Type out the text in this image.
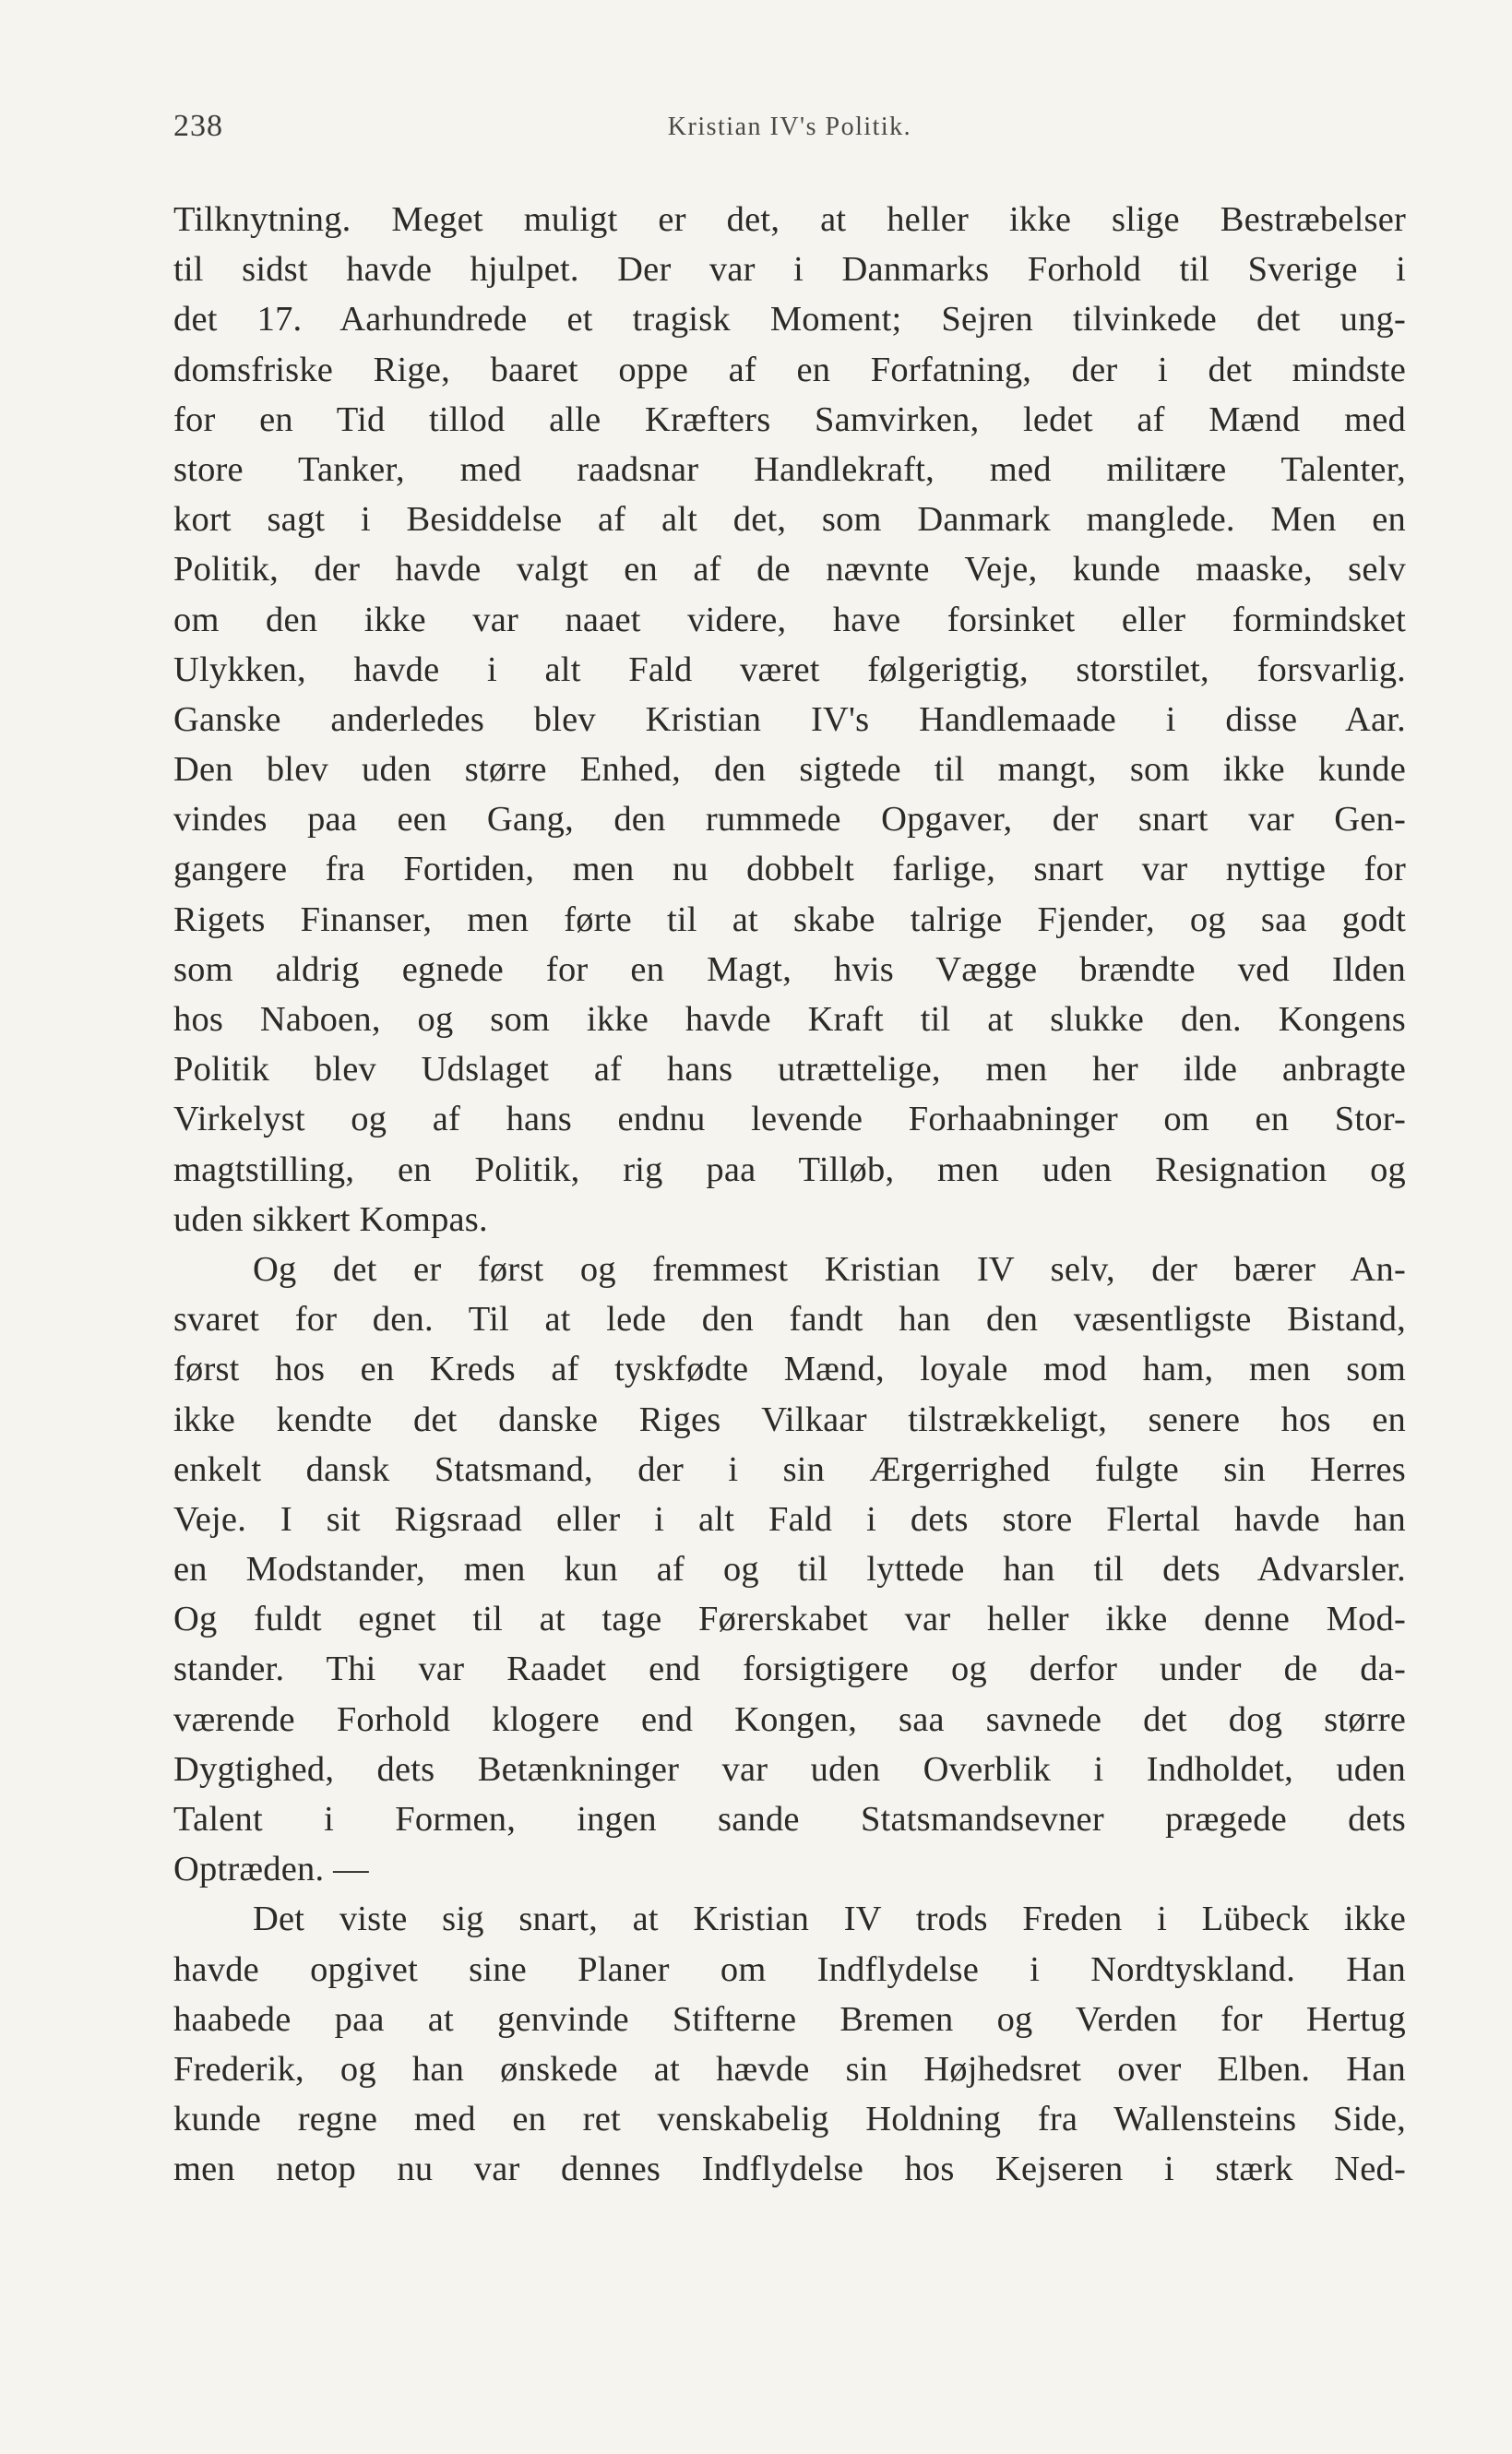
238	Kristian IV's Politik.
Tilknytning. Meget muligt er det, at heller ikke slige Bestræbelser
til sidst havde hjulpet. Der var i Danmarks Forhold til Sverige i
det 17. Aarhundrede et tragisk Moment; Sejren tilvinkede det ung-
domsfriske Rige, baaret oppe af en Forfatning, der i det mindste
for en Tid tillod alle Kræfters Samvirken, ledet af Mænd med
store Tanker, med raadsnar Handlekraft, med militære Talenter,
kort sagt i Besiddelse af alt det, som Danmark manglede. Men en
Politik, der havde valgt en af de nævnte Veje, kunde maaske, selv
om den ikke var naaet videre, have forsinket eller formindsket
Ulykken, havde i alt Fald været følgerigtig, storstilet, forsvarlig.
Ganske anderledes blev Kristian IV's Handlemaade i disse Aar.
Den blev uden større Enhed, den sigtede til mangt, som ikke kunde
vindes paa een Gang, den rummede Opgaver, der snart var Gen-
gangere fra Fortiden, men nu dobbelt farlige, snart var nyttige for
Rigets Finanser, men førte til at skabe talrige Fjender, og saa godt
som aldrig egnede for en Magt, hvis Vægge brændte ved Ilden
hos Naboen, og som ikke havde Kraft til at slukke den. Kongens
Politik blev Udslaget af hans utrættelige, men her ilde anbragte
Virkelyst og af hans endnu levende Forhaabninger om en Stor-
magtstilling, en Politik, rig paa Tilløb, men uden Resignation og
uden sikkert Kompas.
Og det er først og fremmest Kristian IV selv, der bærer An-
svaret for den. Til at lede den fandt han den væsentligste Bistand,
først hos en Kreds af tyskfødte Mænd, loyale mod ham, men som
ikke kendte det danske Riges Vilkaar tilstrækkeligt, senere hos en
enkelt dansk Statsmand, der i sin Ærgerrighed fulgte sin Herres
Veje. I sit Rigsraad eller i alt Fald i dets store Flertal havde han
en Modstander, men kun af og til lyttede han til dets Advarsler.
Og fuldt egnet til at tage Førerskabet var heller ikke denne Mod-
stander. Thi var Raadet end forsigtigere og derfor under de da-
værende Forhold klogere end Kongen, saa savnede det dog større
Dygtighed, dets Betænkninger var uden Overblik i Indholdet, uden
Talent i Formen, ingen sande Statsmandsevner prægede dets
Optræden. —
Det viste sig snart, at Kristian IV trods Freden i Lübeck ikke
havde opgivet sine Planer om Indflydelse i Nordtyskland. Han
haabede paa at genvinde Stifterne Bremen og Verden for Hertug
Frederik, og han ønskede at hævde sin Højhedsret over Elben. Han
kunde regne med en ret venskabelig Holdning fra Wallensteins Side,
men netop nu var dennes Indflydelse hos Kejseren i stærk Ned-
